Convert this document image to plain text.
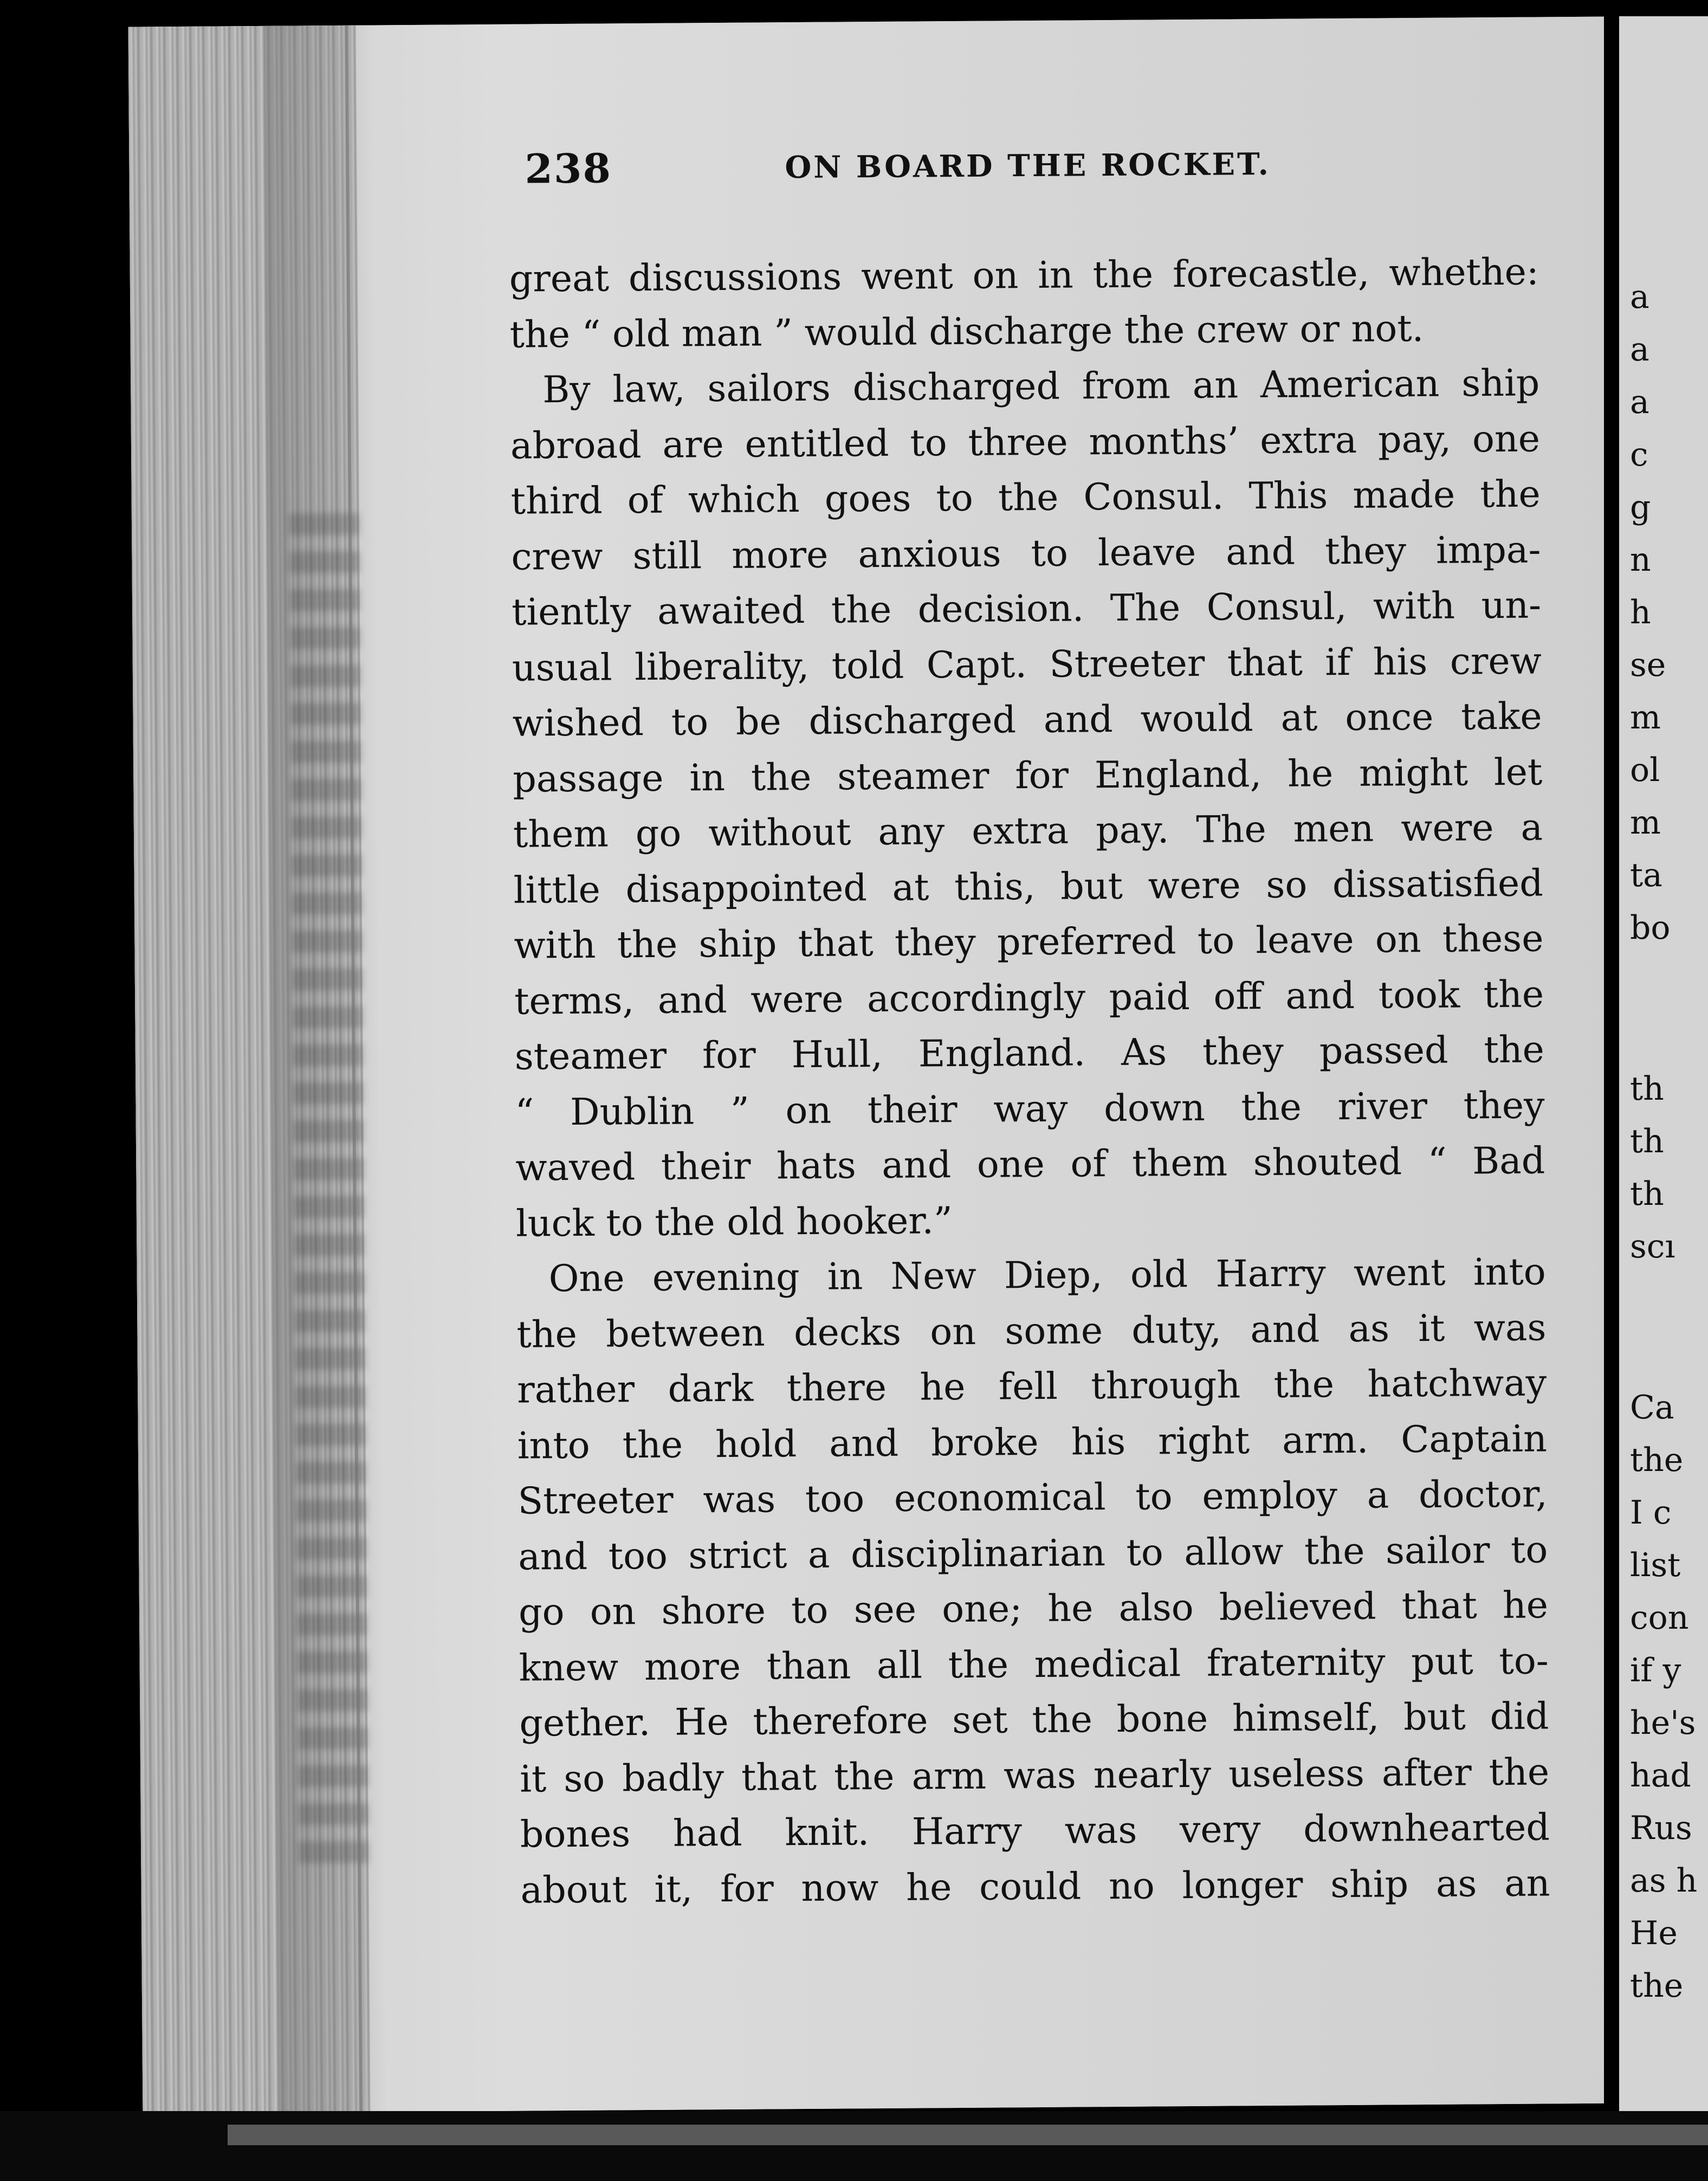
238	ON BOARD THE ROCKET.
great discussions went on in the forecastle, whethe:
the “ old man ” would discharge the crew or not.
By law, sailors discharged from an American ship
abroad are entitled to three months’ extra pay, one
third of which goes to the Consul. This made the
crew still more anxious to leave and they impa-
tiently awaited the decision. The Consul, with un-
usual liberality, told Capt. Streeter that if his crew
wished to be discharged and would at once take
passage in the steamer for England, he might let
them go without any extra pay. The men were a
little disappointed at this, but were so dissatisfied
with the ship that they preferred to leave on these
terms, and were accordingly paid off and took the
steamer for Hull, England. As they passed the
“ Dublin ” on their way down the river they
waved their hats and one of them shouted “ Bad
luck to the old hooker.”
One evening in New Diep, old Harry went into
the between decks on some duty, and as it was
rather dark there he fell through the hatchway
into the hold and broke his right arm. Captain
Streeter was too economical to employ a doctor,
and too strict a disciplinarian to allow the sailor to
go on shore to see one; he also believed that he
knew more than all the medical fraternity put to-
gether. He therefore set the bone himself, but did
it so badly that the arm was nearly useless after the
bones had knit. Harry was very downhearted
about it, for now he could no longer ship as an
a
a
a
c
g
n
h
se
m
ol
m
ta
bo
th
th
th
scı
Ca
the
I c
list
con
if y
he's
had
Rus
as h
He
the
